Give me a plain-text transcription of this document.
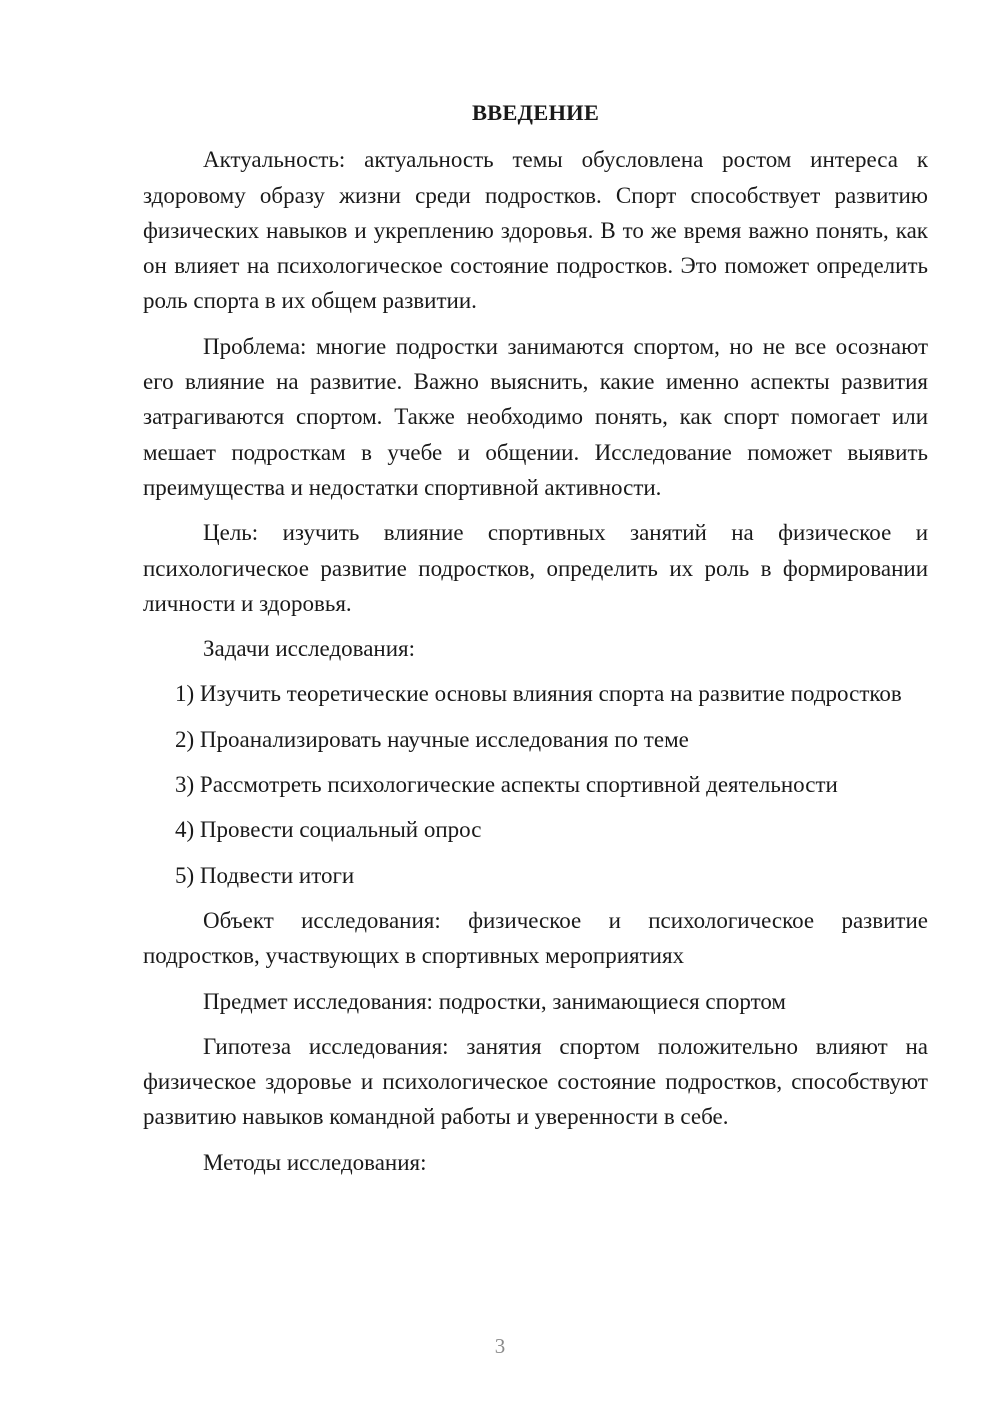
ВВЕДЕНИЕ

Актуальность: актуальность темы обусловлена ростом интереса к здоровому образу жизни среди подростков. Спорт способствует развитию физических навыков и укреплению здоровья. В то же время важно понять, как он влияет на психологическое состояние подростков. Это поможет определить роль спорта в их общем развитии.

Проблема: многие подростки занимаются спортом, но не все осознают его влияние на развитие. Важно выяснить, какие именно аспекты развития затрагиваются спортом. Также необходимо понять, как спорт помогает или мешает подросткам в учебе и общении. Исследование поможет выявить преимущества и недостатки спортивной активности.

Цель: изучить влияние спортивных занятий на физическое и психологическое развитие подростков, определить их роль в формировании личности и здоровья.

Задачи исследования:

1) Изучить теоретические основы влияния спорта на развитие подростков

2) Проанализировать научные исследования по теме

3) Рассмотреть психологические аспекты спортивной деятельности

4) Провести социальный опрос

5) Подвести итоги

Объект исследования: физическое и психологическое развитие подростков, участвующих в спортивных мероприятиях

Предмет исследования: подростки, занимающиеся спортом

Гипотеза исследования: занятия спортом положительно влияют на физическое здоровье и психологическое состояние подростков, способствуют развитию навыков командной работы и уверенности в себе.

Методы исследования:

3
